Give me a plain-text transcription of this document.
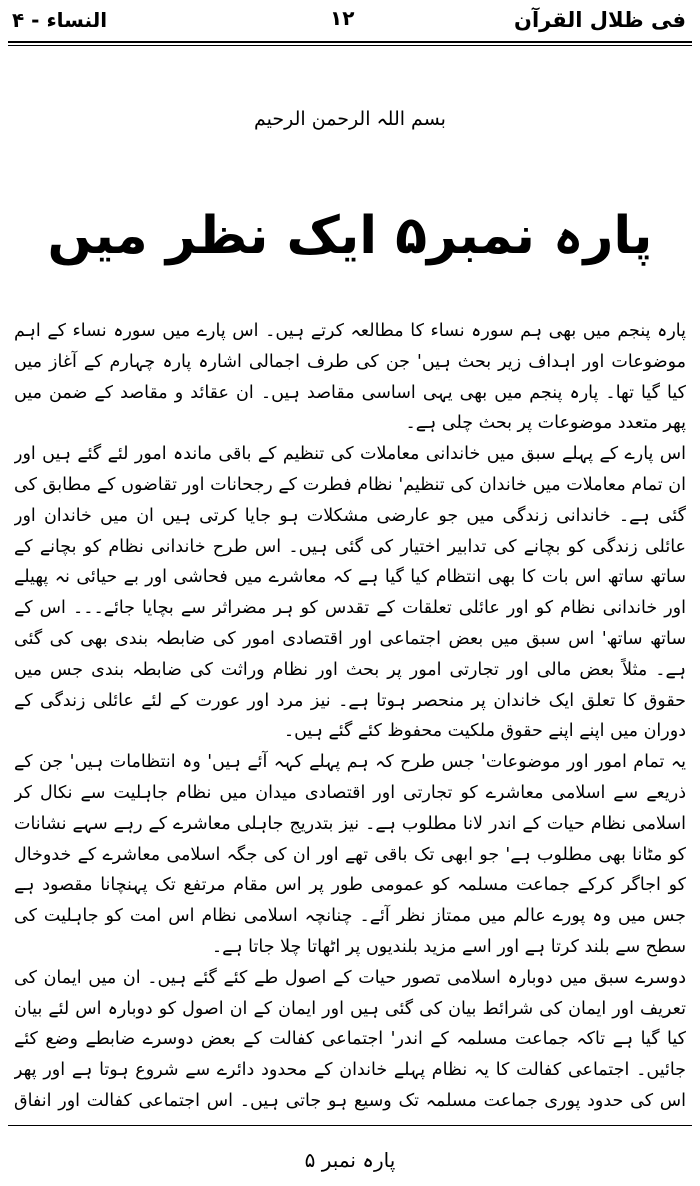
النساء - ۴	۱۲	فی ظلال القرآن
بسم اللہ الرحمن الرحیم
پارہ نمبر۵ ایک نظر میں

پارہ پنجم میں بھی ہم سورہ نساء کا مطالعہ کرتے ہیں۔ اس پارے میں سورہ نساء کے اہم موضوعات اور اہداف زیر بحث ہیں' جن کی طرف اجمالی اشارہ پارہ چہارم کے آغاز میں کیا گیا تھا۔ پارہ پنجم میں بھی یہی اساسی مقاصد ہیں۔ ان عقائد و مقاصد کے ضمن میں پھر متعدد موضوعات پر بحث چلی ہے۔

اس پارے کے پہلے سبق میں خاندانی معاملات کی تنظیم کے باقی ماندہ امور لئے گئے ہیں اور ان تمام معاملات میں خاندان کی تنظیم' نظام فطرت کے رجحانات اور تقاضوں کے مطابق کی گئی ہے۔ خاندانی زندگی میں جو عارضی مشکلات ہو جایا کرتی ہیں ان میں خاندان اور عائلی زندگی کو بچانے کی تدابیر اختیار کی گئی ہیں۔ اس طرح خاندانی نظام کو بچانے کے ساتھ ساتھ اس بات کا بھی انتظام کیا گیا ہے کہ معاشرے میں فحاشی اور بے حیائی نہ پھیلے اور خاندانی نظام کو اور عائلی تعلقات کے تقدس کو ہر مضراثر سے بچایا جائے۔۔۔ اس کے ساتھ ساتھ' اس سبق میں بعض اجتماعی اور اقتصادی امور کی ضابطہ بندی بھی کی گئی ہے۔ مثلاً بعض مالی اور تجارتی امور پر بحث اور نظام وراثت کی ضابطہ بندی جس میں حقوق کا تعلق ایک خاندان پر منحصر ہوتا ہے۔ نیز مرد اور عورت کے لئے عائلی زندگی کے دوران میں اپنے اپنے حقوق ملکیت محفوظ کئے گئے ہیں۔

یہ تمام امور اور موضوعات' جس طرح کہ ہم پہلے کہہ آئے ہیں' وہ انتظامات ہیں' جن کے ذریعے سے اسلامی معاشرے کو تجارتی اور اقتصادی میدان میں نظام جاہلیت سے نکال کر اسلامی نظام حیات کے اندر لانا مطلوب ہے۔ نیز بتدریج جاہلی معاشرے کے رہے سہے نشانات کو مٹانا بھی مطلوب ہے' جو ابھی تک باقی تھے اور ان کی جگہ اسلامی معاشرے کے خدوخال کو اجاگر کرکے جماعت مسلمہ کو عمومی طور پر اس مقام مرتفع تک پہنچانا مقصود ہے جس میں وہ پورے عالم میں ممتاز نظر آئے۔ چنانچہ اسلامی نظام اس امت کو جاہلیت کی سطح سے بلند کرتا ہے اور اسے مزید بلندیوں پر اٹھاتا چلا جاتا ہے۔

دوسرے سبق میں دوبارہ اسلامی تصور حیات کے اصول طے کئے گئے ہیں۔ ان میں ایمان کی تعریف اور ایمان کی شرائط بیان کی گئی ہیں اور ایمان کے ان اصول کو دوبارہ اس لئے بیان کیا گیا ہے تاکہ جماعت مسلمہ کے اندر' اجتماعی کفالت کے بعض دوسرے ضابطے وضع کئے جائیں۔ اجتماعی کفالت کا یہ نظام پہلے خاندان کے محدود دائرے سے شروع ہوتا ہے اور پھر اس کی حدود پوری جماعت مسلمہ تک وسیع ہو جاتی ہیں۔ اس اجتماعی کفالت اور انفاق

پارہ نمبر ۵
